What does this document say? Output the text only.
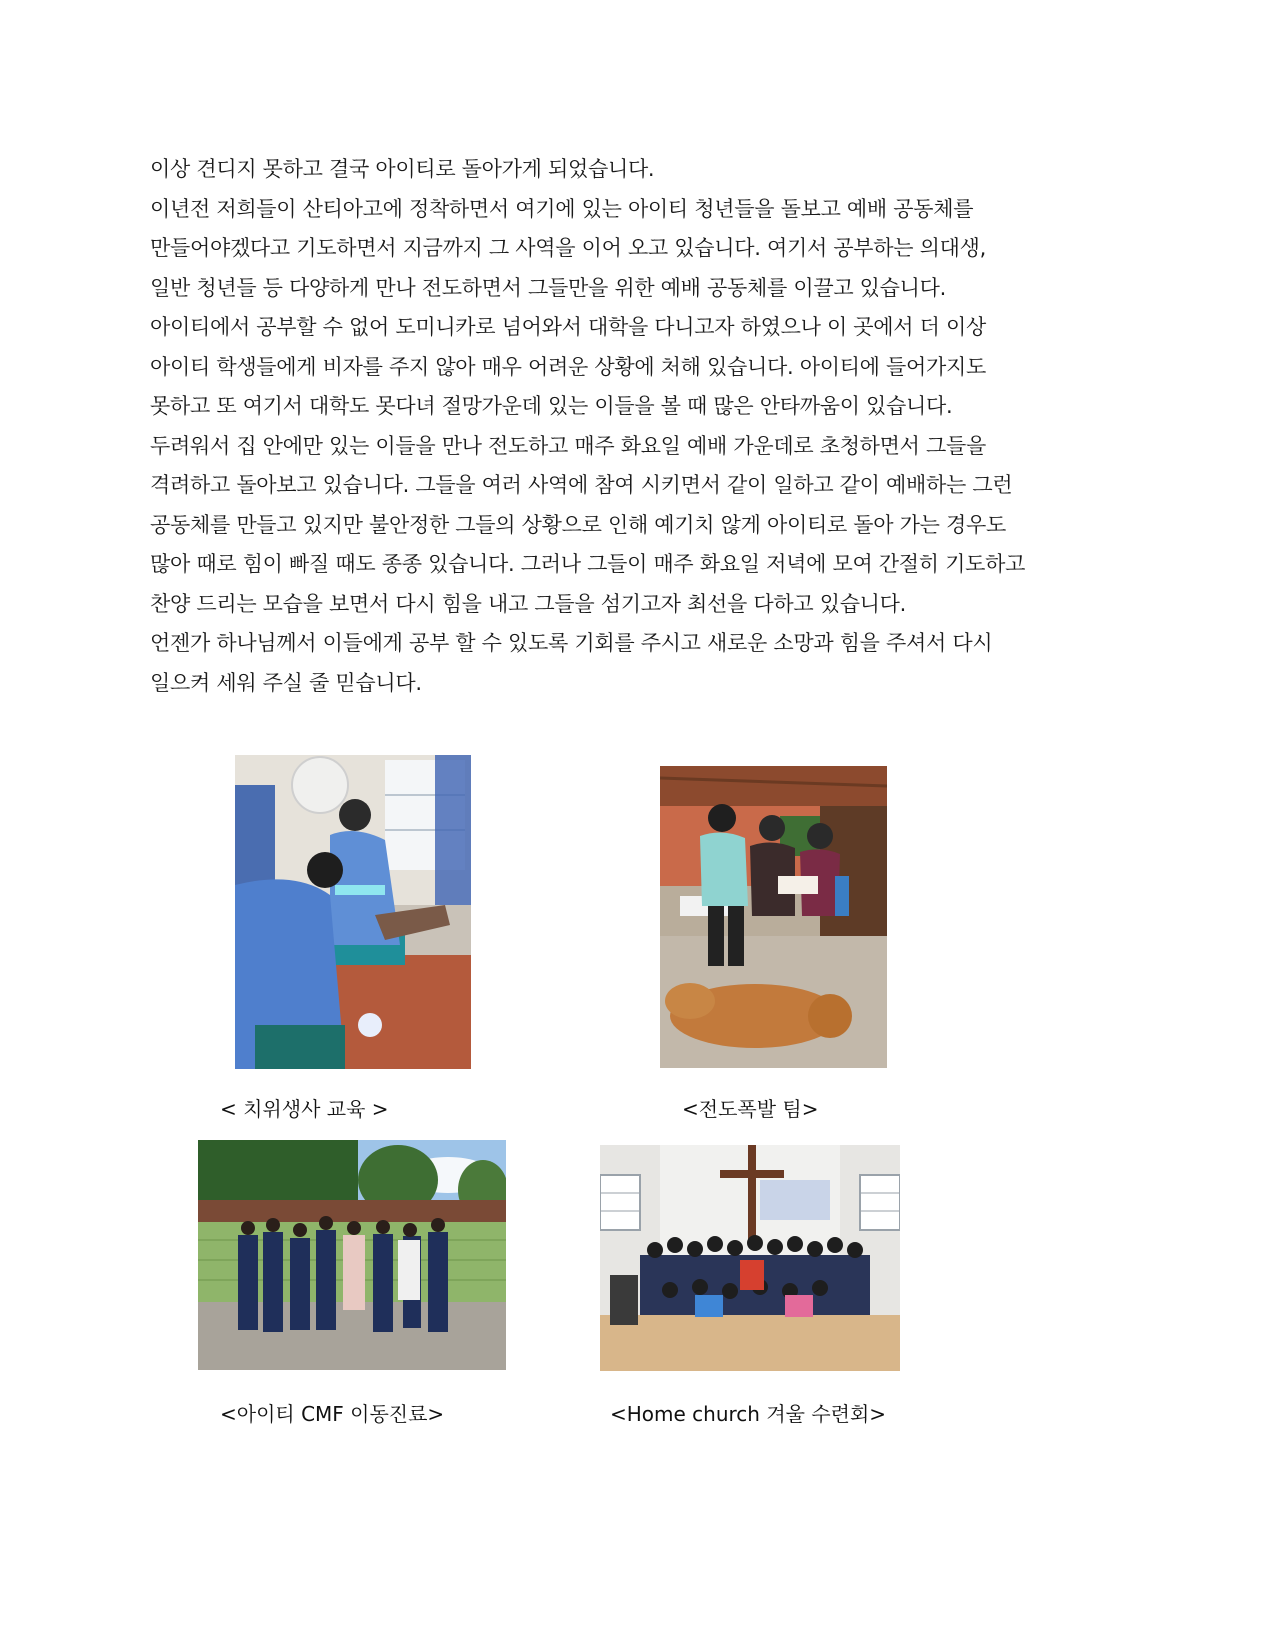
이상 견디지 못하고 결국 아이티로 돌아가게 되었습니다.
이년전 저희들이 산티아고에 정착하면서 여기에 있는 아이티 청년들을 돌보고 예배 공동체를
만들어야겠다고 기도하면서 지금까지 그 사역을 이어 오고 있습니다. 여기서 공부하는 의대생,
일반 청년들 등 다양하게 만나 전도하면서 그들만을 위한 예배 공동체를 이끌고 있습니다.
아이티에서 공부할 수 없어 도미니카로 넘어와서 대학을 다니고자 하였으나 이 곳에서 더 이상
아이티 학생들에게 비자를 주지 않아 매우 어려운 상황에 처해 있습니다. 아이티에 들어가지도
못하고 또 여기서 대학도 못다녀 절망가운데 있는 이들을 볼 때 많은 안타까움이 있습니다.
두려워서 집 안에만 있는 이들을 만나 전도하고 매주 화요일 예배 가운데로 초청하면서 그들을
격려하고 돌아보고 있습니다. 그들을 여러 사역에 참여 시키면서 같이 일하고 같이 예배하는 그런
공동체를 만들고 있지만 불안정한 그들의 상황으로 인해 예기치 않게 아이티로 돌아 가는 경우도
많아 때로 힘이 빠질 때도 종종 있습니다. 그러나 그들이 매주 화요일 저녁에 모여 간절히 기도하고
찬양 드리는 모습을 보면서 다시 힘을 내고 그들을 섬기고자 최선을 다하고 있습니다.
언젠가 하나님께서 이들에게 공부 할 수 있도록 기회를 주시고 새로운 소망과 힘을 주셔서 다시
일으켜 세워 주실 줄 믿습니다.
< 치위생사 교육 >	<전도폭발 팀>
<아이티 CMF 이동진료>	<Home church 겨울 수련회>
